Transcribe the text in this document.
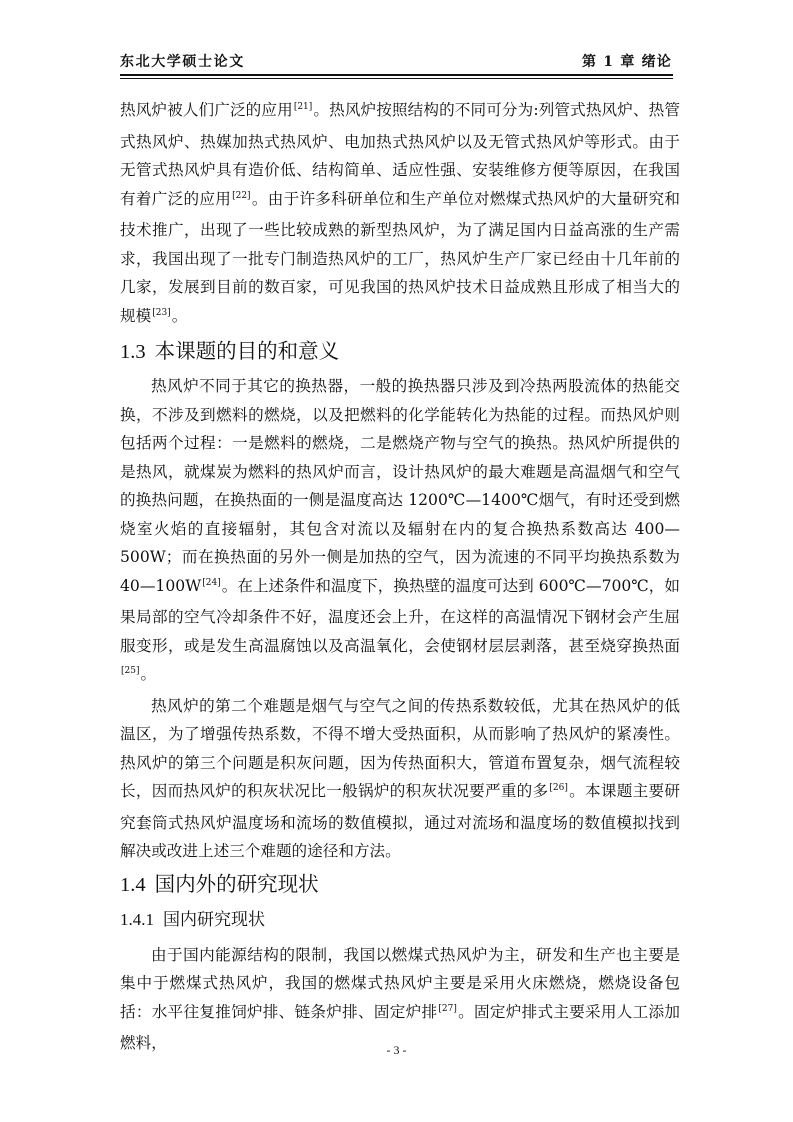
东北大学硕士论文	第 1 章 绪论

热风炉被人们广泛的应用[21]。热风炉按照结构的不同可分为:列管式热风炉、热管式热风炉、热媒加热式热风炉、电加热式热风炉以及无管式热风炉等形式。由于无管式热风炉具有造价低、结构简单、适应性强、安装维修方便等原因，在我国有着广泛的应用[22]。由于许多科研单位和生产单位对燃煤式热风炉的大量研究和技术推广，出现了一些比较成熟的新型热风炉，为了满足国内日益高涨的生产需求，我国出现了一批专门制造热风炉的工厂，热风炉生产厂家已经由十几年前的几家，发展到目前的数百家，可见我国的热风炉技术日益成熟且形成了相当大的规模[23]。

1.3 本课题的目的和意义

热风炉不同于其它的换热器，一般的换热器只涉及到冷热两股流体的热能交换，不涉及到燃料的燃烧，以及把燃料的化学能转化为热能的过程。而热风炉则包括两个过程：一是燃料的燃烧，二是燃烧产物与空气的换热。热风炉所提供的是热风，就煤炭为燃料的热风炉而言，设计热风炉的最大难题是高温烟气和空气的换热问题，在换热面的一侧是温度高达 1200℃—1400℃烟气，有时还受到燃烧室火焰的直接辐射，其包含对流以及辐射在内的复合换热系数高达 400—500W；而在换热面的另外一侧是加热的空气，因为流速的不同平均换热系数为 40—100W[24]。在上述条件和温度下，换热壁的温度可达到 600℃—700℃，如果局部的空气冷却条件不好，温度还会上升，在这样的高温情况下钢材会产生屈服变形，或是发生高温腐蚀以及高温氧化，会使钢材层层剥落，甚至烧穿换热面[25]。

热风炉的第二个难题是烟气与空气之间的传热系数较低，尤其在热风炉的低温区，为了增强传热系数，不得不增大受热面积，从而影响了热风炉的紧凑性。热风炉的第三个问题是积灰问题，因为传热面积大，管道布置复杂，烟气流程较长，因而热风炉的积灰状况比一般锅炉的积灰状况要严重的多[26]。本课题主要研究套筒式热风炉温度场和流场的数值模拟，通过对流场和温度场的数值模拟找到解决或改进上述三个难题的途径和方法。

1.4 国内外的研究现状
1.4.1 国内研究现状

由于国内能源结构的限制，我国以燃煤式热风炉为主，研发和生产也主要是集中于燃煤式热风炉，我国的燃煤式热风炉主要是采用火床燃烧，燃烧设备包括：水平往复推饲炉排、链条炉排、固定炉排[27]。固定炉排式主要采用人工添加燃料，	- 3 -
